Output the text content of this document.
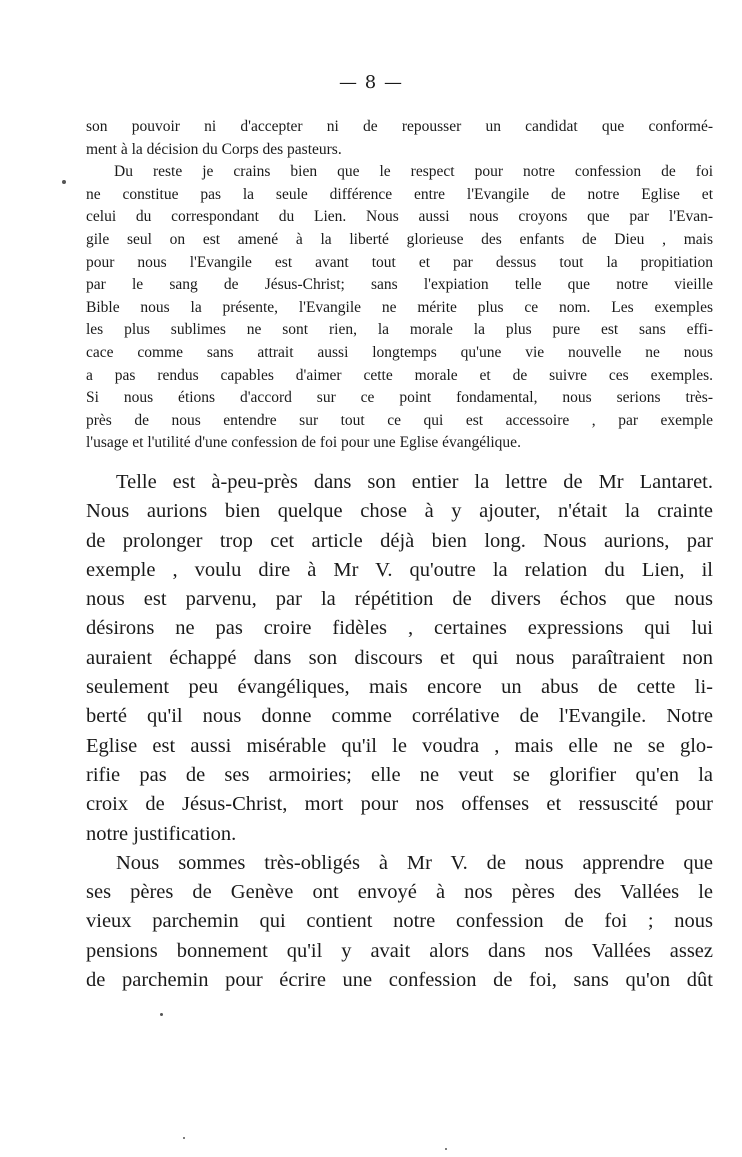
— 8 —
son pouvoir ni d'accepter ni de repousser un candidat que conformé-
ment à la décision du Corps des pasteurs.
Du reste je crains bien que le respect pour notre confession de foi
ne constitue pas la seule différence entre l'Evangile de notre Eglise et
celui du correspondant du Lien. Nous aussi nous croyons que par l'Evan-
gile seul on est amené à la liberté glorieuse des enfants de Dieu , mais
pour nous l'Evangile est avant tout et par dessus tout la propitiation
par le sang de Jésus-Christ; sans l'expiation telle que notre vieille
Bible nous la présente, l'Evangile ne mérite plus ce nom. Les exemples
les plus sublimes ne sont rien, la morale la plus pure est sans effi-
cace comme sans attrait aussi longtemps qu'une vie nouvelle ne nous
a pas rendus capables d'aimer cette morale et de suivre ces exemples.
Si nous étions d'accord sur ce point fondamental, nous serions très-
près de nous entendre sur tout ce qui est accessoire , par exemple
l'usage et l'utilité d'une confession de foi pour une Eglise évangélique.
Telle est à-peu-près dans son entier la lettre de Mr Lantaret.
Nous aurions bien quelque chose à y ajouter, n'était la crainte
de prolonger trop cet article déjà bien long. Nous aurions, par
exemple , voulu dire à Mr V. qu'outre la relation du Lien, il
nous est parvenu, par la répétition de divers échos que nous
désirons ne pas croire fidèles , certaines expressions qui lui
auraient échappé dans son discours et qui nous paraîtraient non
seulement peu évangéliques, mais encore un abus de cette li-
berté qu'il nous donne comme corrélative de l'Evangile. Notre
Eglise est aussi misérable qu'il le voudra , mais elle ne se glo-
rifie pas de ses armoiries; elle ne veut se glorifier qu'en la
croix de Jésus-Christ, mort pour nos offenses et ressuscité pour
notre justification.
Nous sommes très-obligés à Mr V. de nous apprendre que
ses pères de Genève ont envoyé à nos pères des Vallées le
vieux parchemin qui contient notre confession de foi ; nous
pensions bonnement qu'il y avait alors dans nos Vallées assez
de parchemin pour écrire une confession de foi, sans qu'on dût
